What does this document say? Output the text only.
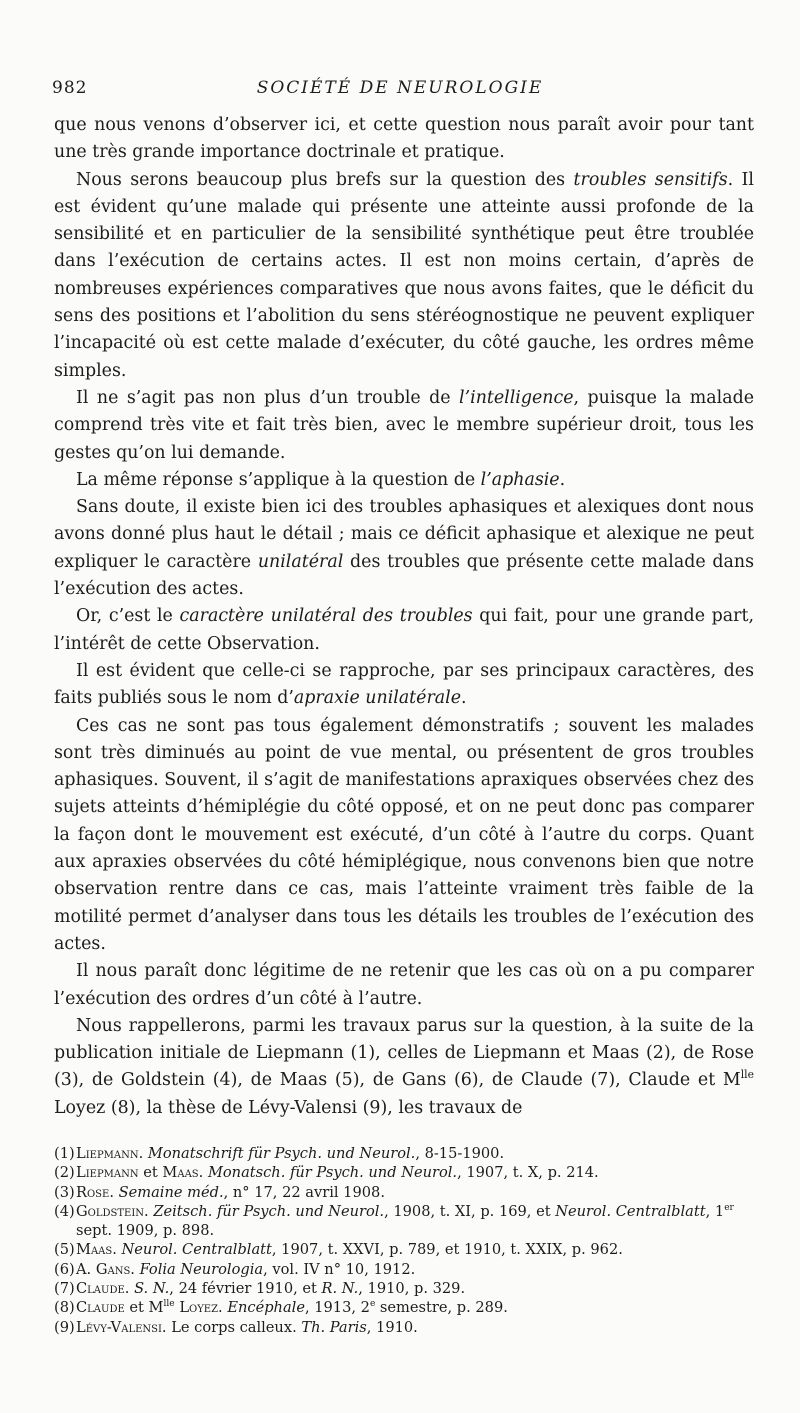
982	SOCIÉTÉ DE NEUROLOGIE

que nous venons d’observer ici, et cette question nous paraît avoir pour tant une très grande importance doctrinale et pratique.

Nous serons beaucoup plus brefs sur la question des troubles sensitifs. Il est évident qu’une malade qui présente une atteinte aussi profonde de la sensibilité et en particulier de la sensibilité synthétique peut être troublée dans l’exécution de certains actes. Il est non moins certain, d’après de nombreuses expériences comparatives que nous avons faites, que le déficit du sens des positions et l’abolition du sens stéréognostique ne peuvent expliquer l’incapacité où est cette malade d’exécuter, du côté gauche, les ordres même simples.

Il ne s’agit pas non plus d’un trouble de l’intelligence, puisque la malade comprend très vite et fait très bien, avec le membre supérieur droit, tous les gestes qu’on lui demande.

La même réponse s’applique à la question de l’aphasie.

Sans doute, il existe bien ici des troubles aphasiques et alexiques dont nous avons donné plus haut le détail ; mais ce déficit aphasique et alexique ne peut expliquer le caractère unilatéral des troubles que présente cette malade dans l’exécution des actes.

Or, c’est le caractère unilatéral des troubles qui fait, pour une grande part, l’intérêt de cette Observation.

Il est évident que celle-ci se rapproche, par ses principaux caractères, des faits publiés sous le nom d’apraxie unilatérale.

Ces cas ne sont pas tous également démonstratifs ; souvent les malades sont très diminués au point de vue mental, ou présentent de gros troubles aphasiques. Souvent, il s’agit de manifestations apraxiques observées chez des sujets atteints d’hémiplégie du côté opposé, et on ne peut donc pas comparer la façon dont le mouvement est exécuté, d’un côté à l’autre du corps. Quant aux apraxies observées du côté hémiplégique, nous convenons bien que notre observation rentre dans ce cas, mais l’atteinte vraiment très faible de la motilité permet d’analyser dans tous les détails les troubles de l’exécution des actes.

Il nous paraît donc légitime de ne retenir que les cas où on a pu comparer l’exécution des ordres d’un côté à l’autre.

Nous rappellerons, parmi les travaux parus sur la question, à la suite de la publication initiale de Liepmann (1), celles de Liepmann et Maas (2), de Rose (3), de Goldstein (4), de Maas (5), de Gans (6), de Claude (7), Claude et $M^{lle}$ Loyez (8), la thèse de Lévy-Valensi (9), les travaux de

(1)Liepmann. Monatschrift für Psych. und Neurol., 8-15-1900.

(2)Liepmann et Maas. Monatsch. für Psych. und Neurol., 1907, t. X, p. 214.

(3)Rose. Semaine méd., n° 17, 22 avril 1908.

(4)Goldstein. Zeitsch. für Psych. und Neurol., 1908, t. XI, p. 169, et Neurol. Centralblatt, 1er sept. 1909, p. 898.

(5)Maas. Neurol. Centralblatt, 1907, t. XXVI, p. 789, et 1910, t. XXIX, p. 962.

(6)A. Gans. Folia Neurologia, vol. IV n° 10, 1912.

(7)Claude. S. N., 24 février 1910, et R. N., 1910, p. 329.

(8)Claude et $M^{lle}$ Loyez. Encéphale, 1913, 2e semestre, p. 289.

(9)Lévy-Valensi. Le corps calleux. Th. Paris, 1910.
